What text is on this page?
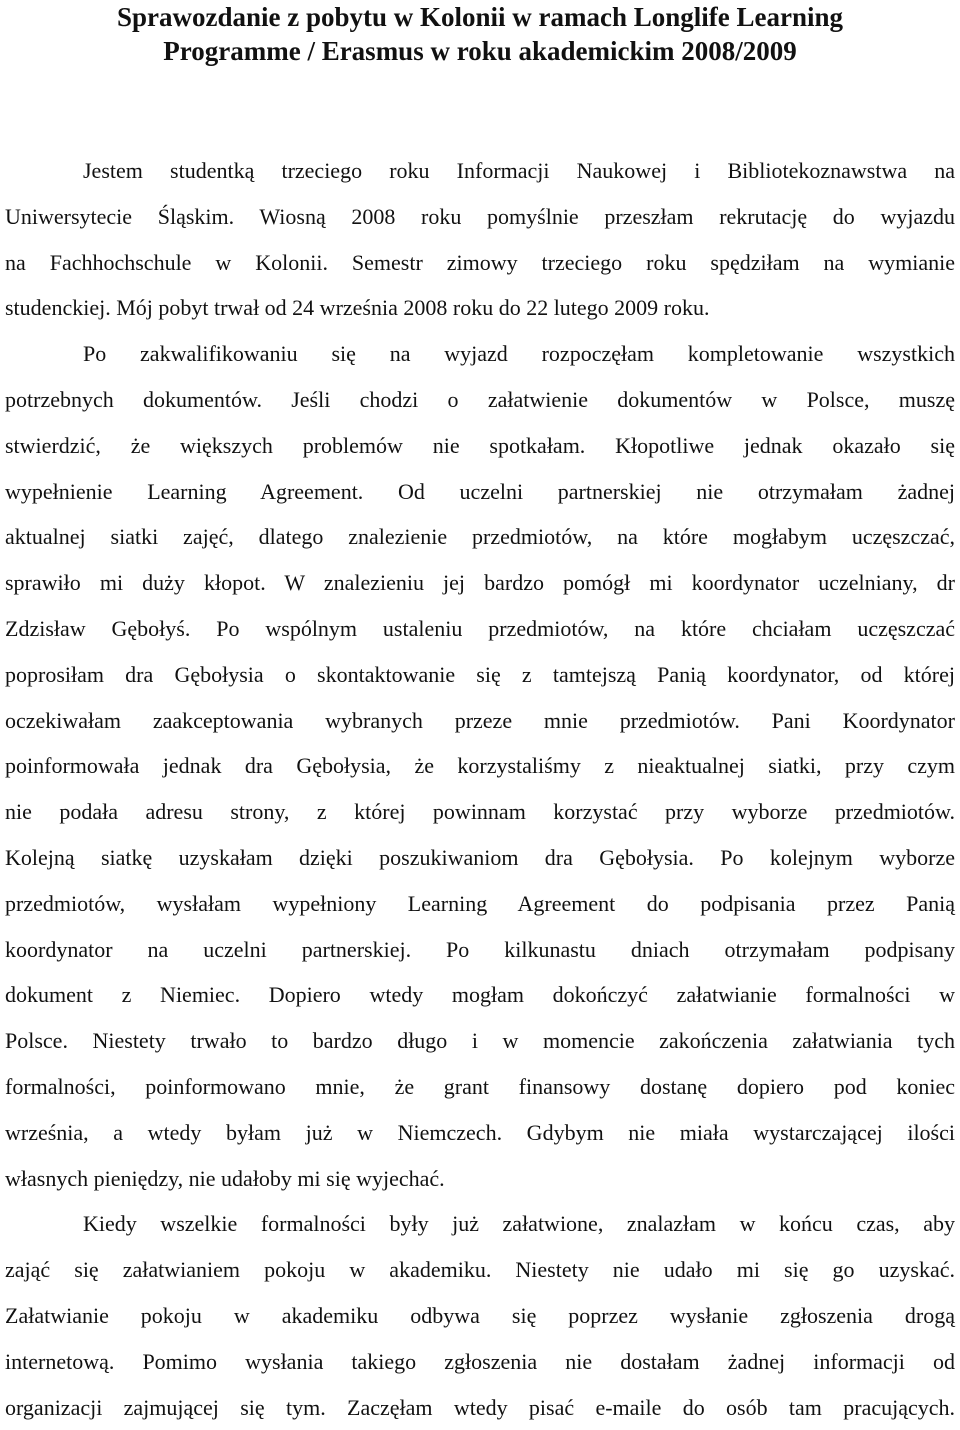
Sprawozdanie z pobytu w Kolonii w ramach Longlife Learning
Programme / Erasmus w roku akademickim 2008/2009
Jestem studentką trzeciego roku Informacji Naukowej i Bibliotekoznawstwa na
Uniwersytecie Śląskim. Wiosną 2008 roku pomyślnie przeszłam rekrutację do wyjazdu
na Fachhochschule w Kolonii. Semestr zimowy trzeciego roku spędziłam na wymianie
studenckiej. Mój pobyt trwał od 24 września 2008 roku do 22 lutego 2009 roku.
Po zakwalifikowaniu się na wyjazd rozpoczęłam kompletowanie wszystkich
potrzebnych dokumentów. Jeśli chodzi o załatwienie dokumentów w Polsce, muszę
stwierdzić, że większych problemów nie spotkałam. Kłopotliwe jednak okazało się
wypełnienie Learning Agreement. Od uczelni partnerskiej nie otrzymałam żadnej
aktualnej siatki zajęć, dlatego znalezienie przedmiotów, na które mogłabym uczęszczać,
sprawiło mi duży kłopot. W znalezieniu jej bardzo pomógł mi koordynator uczelniany, dr
Zdzisław Gębołyś. Po wspólnym ustaleniu przedmiotów, na które chciałam uczęszczać
poprosiłam dra Gębołysia o skontaktowanie się z tamtejszą Panią koordynator, od której
oczekiwałam zaakceptowania wybranych przeze mnie przedmiotów. Pani Koordynator
poinformowała jednak dra Gębołysia, że korzystaliśmy z nieaktualnej siatki, przy czym
nie podała adresu strony, z której powinnam korzystać przy wyborze przedmiotów.
Kolejną siatkę uzyskałam dzięki poszukiwaniom dra Gębołysia. Po kolejnym wyborze
przedmiotów, wysłałam wypełniony Learning Agreement do podpisania przez Panią
koordynator na uczelni partnerskiej. Po kilkunastu dniach otrzymałam podpisany
dokument z Niemiec. Dopiero wtedy mogłam dokończyć załatwianie formalności w
Polsce. Niestety trwało to bardzo długo i w momencie zakończenia załatwiania tych
formalności, poinformowano mnie, że grant finansowy dostanę dopiero pod koniec
września, a wtedy byłam już w Niemczech. Gdybym nie miała wystarczającej ilości
własnych pieniędzy, nie udałoby mi się wyjechać.
Kiedy wszelkie formalności były już załatwione, znalazłam w końcu czas, aby
zająć się załatwianiem pokoju w akademiku. Niestety nie udało mi się go uzyskać.
Załatwianie pokoju w akademiku odbywa się poprzez wysłanie zgłoszenia drogą
internetową. Pomimo wysłania takiego zgłoszenia nie dostałam żadnej informacji od
organizacji zajmującej się tym. Zaczęłam wtedy pisać e-maile do osób tam pracujących.
